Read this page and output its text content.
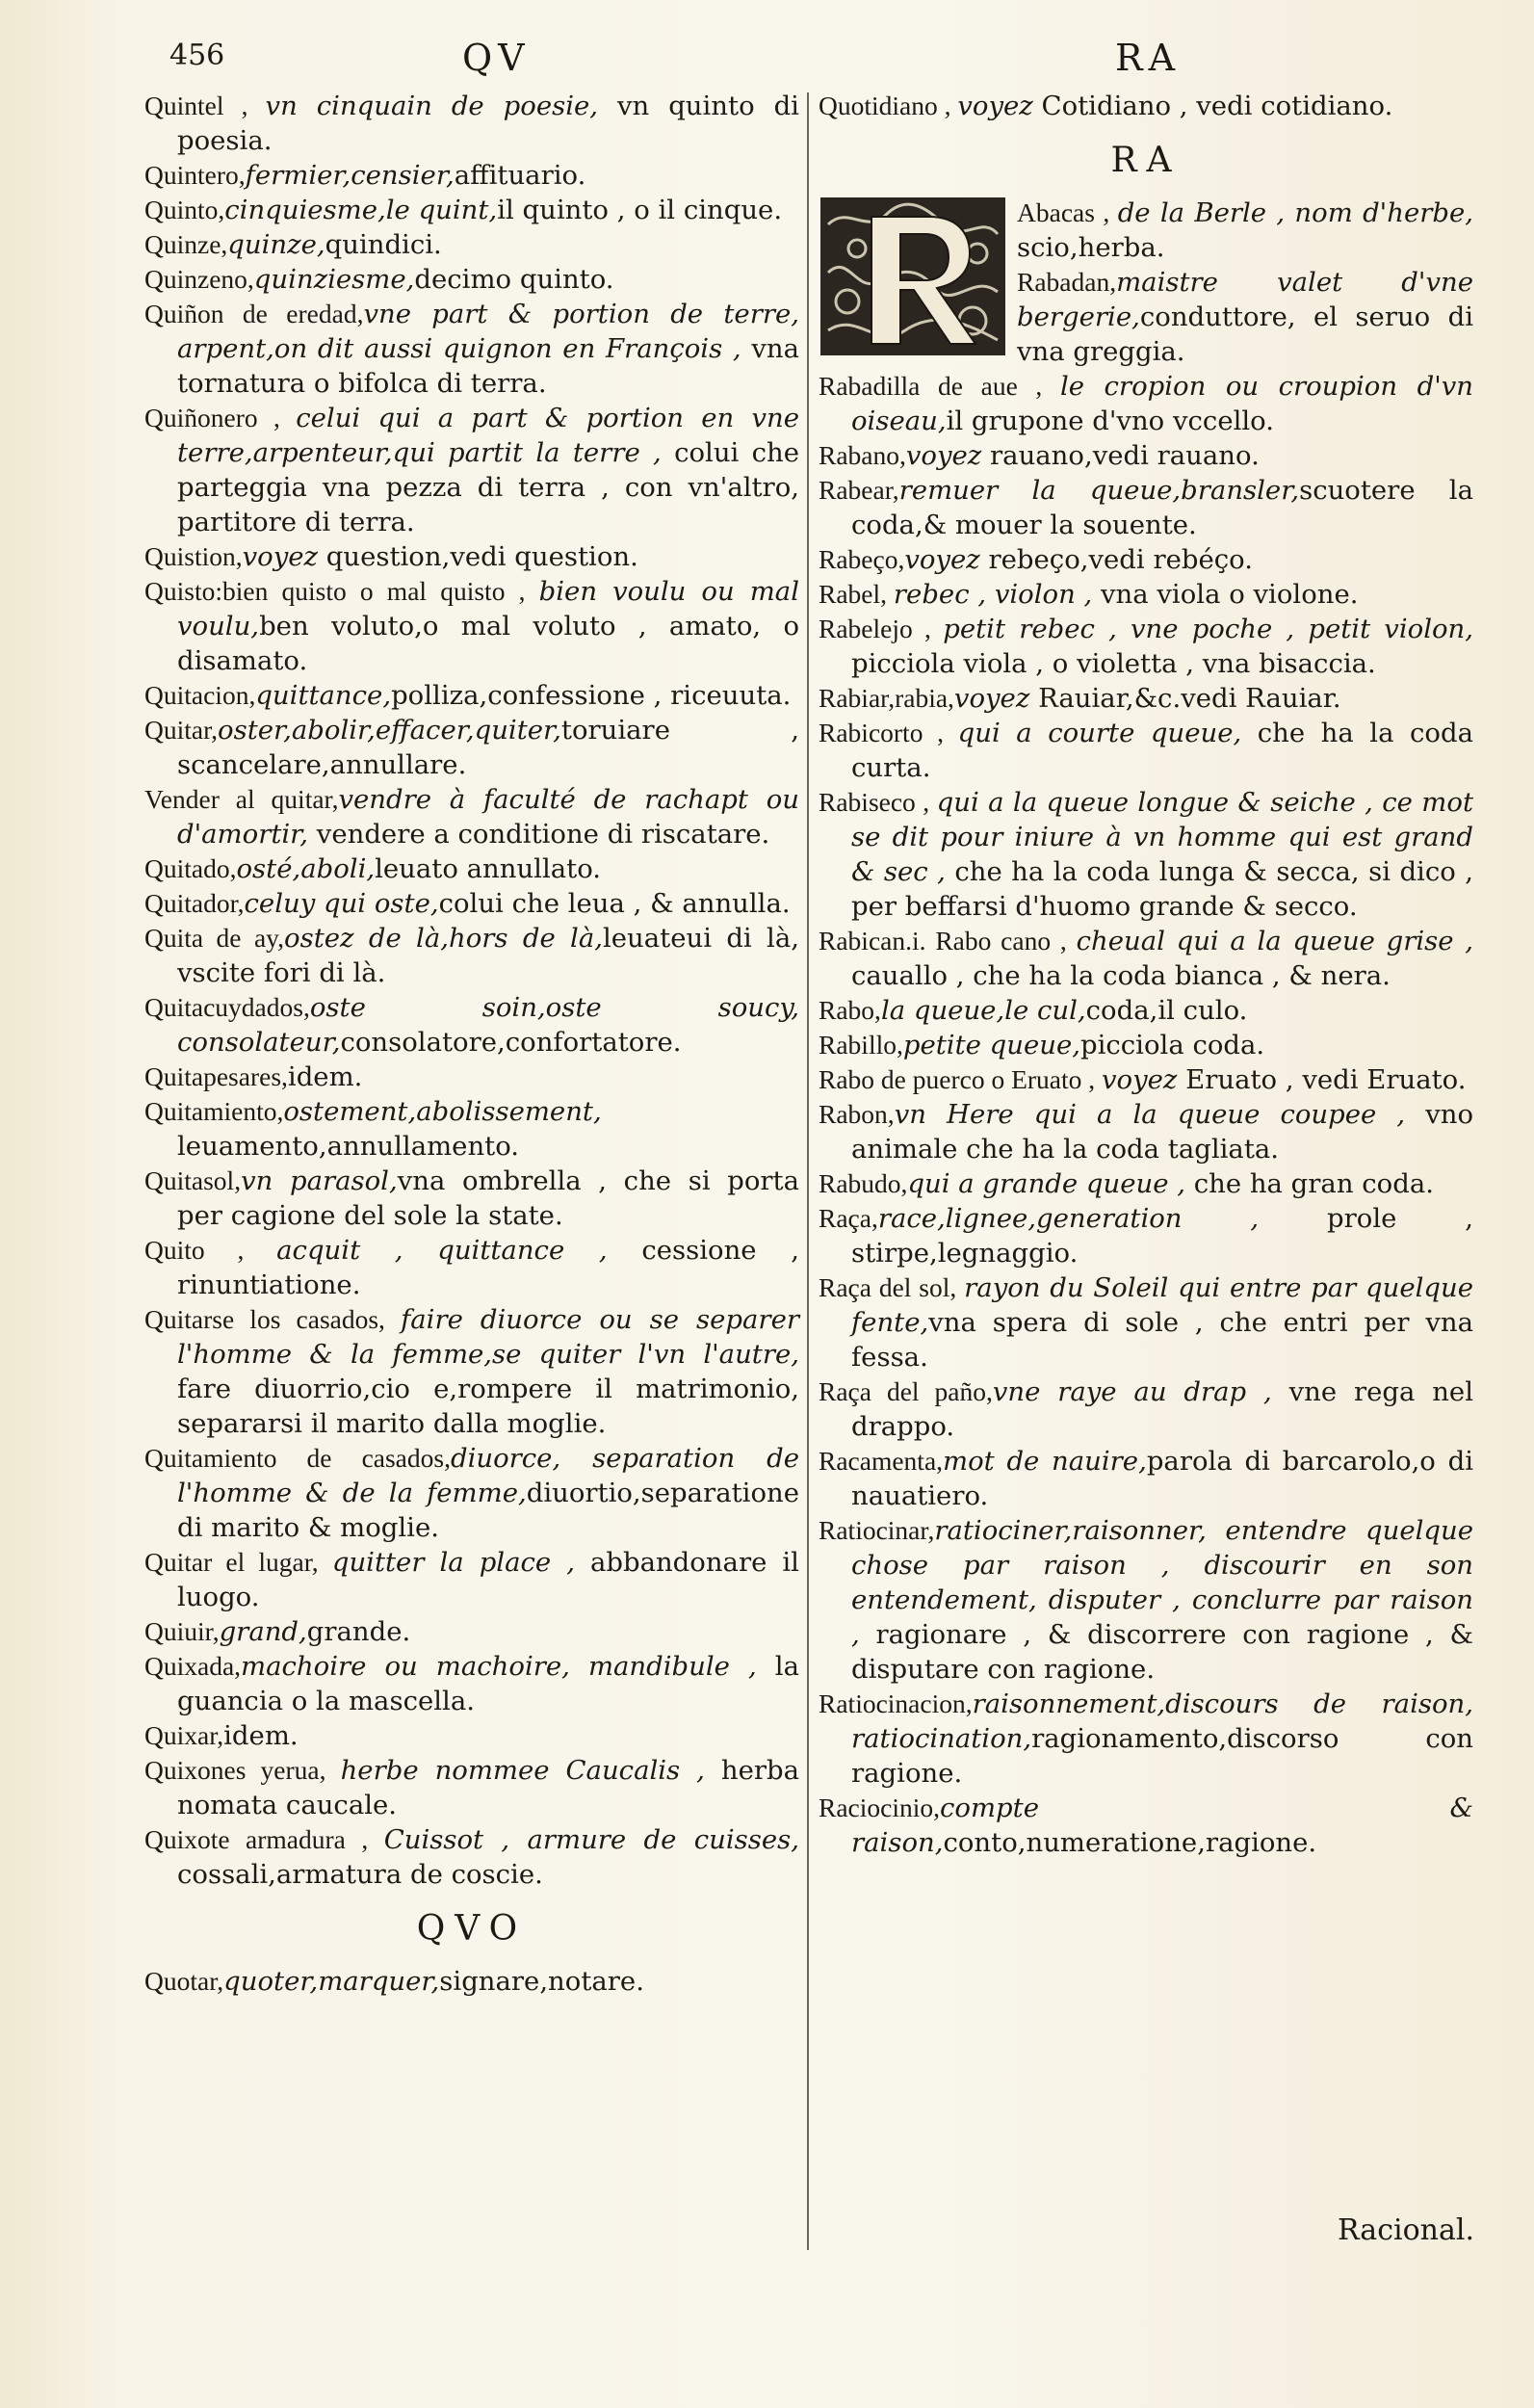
456	QV	RA
Quintel , vn cinquain de poesie, vn quinto di poesia.
Quintero,fermier,censier,affituario.
Quinto,cinquiesme,le quint,il quinto , o il cinque.
Quinze,quinze,quindici.
Quinzeno,quinziesme,decimo quinto.
Quiñon de eredad,vne part & portion de terre, arpent,on dit aussi quignon en François , vna tornatura o bifolca di terra.
Quiñonero , celui qui a part & portion en vne terre,arpenteur,qui partit la terre , colui che parteggia vna pezza di terra , con vn'altro, partitore di terra.
Quistion,voyez question,vedi question.
Quisto:bien quisto o mal quisto , bien voulu ou mal voulu,ben voluto,o mal voluto , amato, o disamato.
Quitacion,quittance,polliza,confessione , riceuuta.
Quitar,oster,abolir,effacer,quiter,toruiare , scancelare,annullare.
Vender al quitar,vendre à faculté de rachapt ou d'amortir, vendere a conditione di riscatare.
Quitado,osté,aboli,leuato annullato.
Quitador,celuy qui oste,colui che leua , & annulla.
Quita de ay,ostez de là,hors de là,leuateui di là, vscite fori di là.
Quitacuydados,oste soin,oste soucy, consolateur,consolatore,confortatore.
Quitapesares,idem.
Quitamiento,ostement,abolissement, leuamento,annullamento.
Quitasol,vn parasol,vna ombrella , che si porta per cagione del sole la state.
Quito , acquit , quittance , cessione , rinuntiatione.
Quitarse los casados, faire diuorce ou se separer l'homme & la femme,se quiter l'vn l'autre, fare diuorrio,cio e,rompere il matrimonio, separarsi il marito dalla moglie.
Quitamiento de casados,diuorce, separation de l'homme & de la femme,diuortio,separatione di marito & moglie.
Quitar el lugar, quitter la place , abbandonare il luogo.
Quiuir,grand,grande.
Quixada,machoire ou machoire, mandibule , la guancia o la mascella.
Quixar,idem.
Quixones yerua, herbe nommee Caucalis , herba nomata caucale.
Quixote armadura , Cuissot , armure de cuisses, cossali,armatura de coscie.
QVO
Quotar,quoter,marquer,signare,notare.
Quotidiano , voyez Cotidiano , vedi cotidiano.
RA
Abacas , de la Berle , nom d'herbe, scio,herba.
Rabadan,maistre valet d'vne bergerie,conduttore, el seruo di vna greggia.
Rabadilla de aue , le cropion ou croupion d'vn oiseau,il grupone d'vno vccello.
Rabano,voyez rauano,vedi rauano.
Rabear,remuer la queue,bransler,scuotere la coda,& mouer la souente.
Rabeço,voyez rebeço,vedi rebéço.
Rabel, rebec , violon , vna viola o violone.
Rabelejo , petit rebec , vne poche , petit violon, picciola viola , o violetta , vna bisaccia.
Rabiar,rabia,voyez Rauiar,&c.vedi Rauiar.
Rabicorto , qui a courte queue, che ha la coda curta.
Rabiseco , qui a la queue longue & seiche , ce mot se dit pour iniure à vn homme qui est grand & sec , che ha la coda lunga & secca, si dico , per beffarsi d'huomo grande & secco.
Rabican.i. Rabo cano , cheual qui a la queue grise , cauallo , che ha la coda bianca , & nera.
Rabo,la queue,le cul,coda,il culo.
Rabillo,petite queue,picciola coda.
Rabo de puerco o Eruato , voyez Eruato , vedi Eruato.
Rabon,vn Here qui a la queue coupee , vno animale che ha la coda tagliata.
Rabudo,qui a grande queue , che ha gran coda.
Raça,race,lignee,generation , prole , stirpe,legnaggio.
Raça del sol, rayon du Soleil qui entre par quelque fente,vna spera di sole , che entri per vna fessa.
Raça del paño,vne raye au drap , vne rega nel drappo.
Racamenta,mot de nauire,parola di barcarolo,o di nauatiero.
Ratiocinar,ratiociner,raisonner, entendre quelque chose par raison , discourir en son entendement, disputer , conclurre par raison , ragionare , & discorrere con ragione , & disputare con ragione.
Ratiocinacion,raisonnement,discours de raison, ratiocination,ragionamento,discorso con ragione.
Raciocinio,compte & raison,conto,numeratione,ragione.
Racional.
